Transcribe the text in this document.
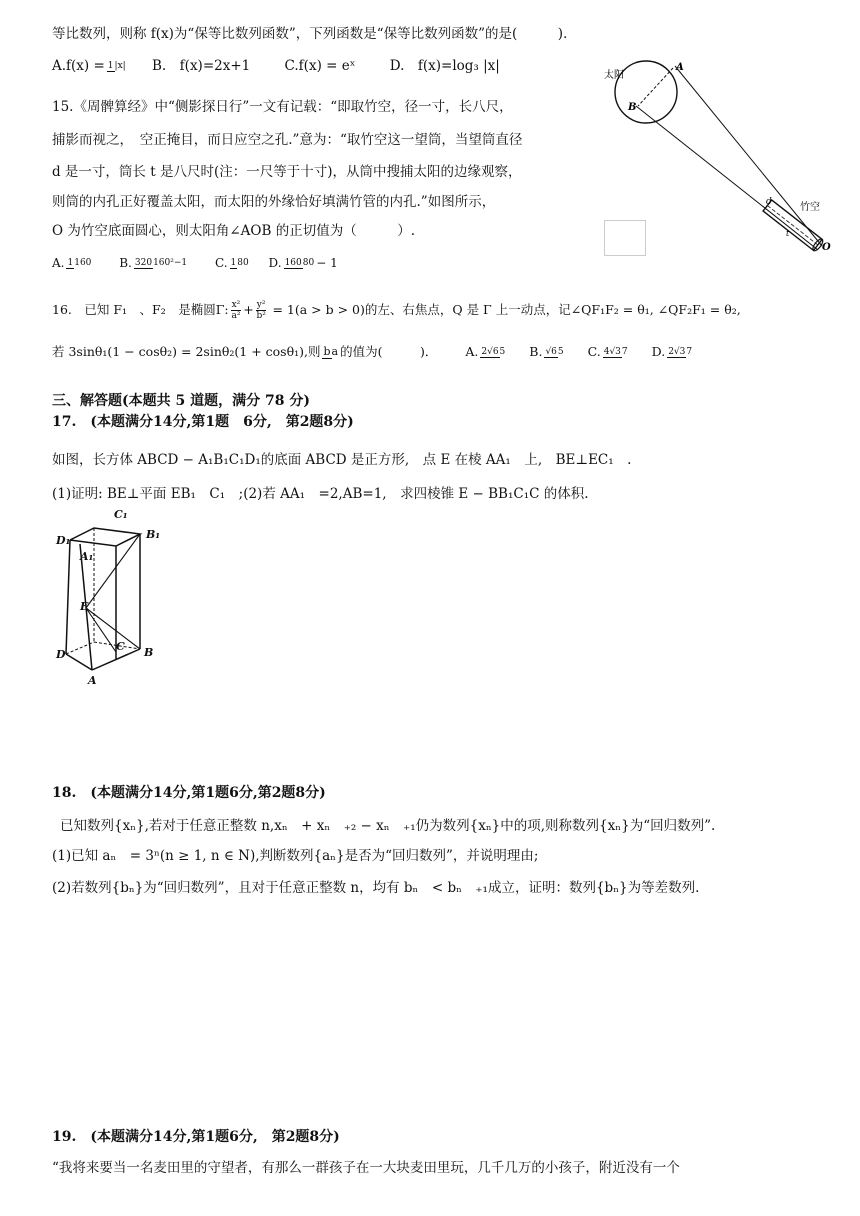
等比数列，则称 f(x)为“保等比数列函数”，下列函数是“保等比数列函数”的是(　　　)．
A.f(x) =1|x| B.　f(x)=2x+1	C.f(x) = eˣ	D.　f(x)=log₃ |x|
15.《周髀算经》中“侧影探日行”一文有记载：“即取竹空，径一寸，长八尺，
捕影而视之，　空正掩目，而日应空之孔.”意为：“取竹空这一望筒，当望筒直径
d 是一寸，筒长 t 是八尺时(注：一尺等于十寸)，从筒中搜捕太阳的边缘观察，
则筒的内孔正好覆盖太阳，而太阳的外缘恰好填满竹管的内孔.”如图所示，
O 为竹空底面圆心，则太阳角∠AOB 的正切值为（　　　）.
A. 1160 B. 320160²−1 C. 180 D. 16080− 1
太阳
A
B
竹空
d
t
O
16.　已知 F₁　、F₂　是椭圆Γ: $\frac{\text{x²}}{\text{a²}} + \frac{\text{y²}}{\text{b²}} = 1(a > b > 0)$的左、右焦点，Q 是 Γ 上一动点，记∠QF₁F₂ = θ₁, ∠QF₂F₁ = θ₂,
若 3sinθ₁(1 − cosθ₂) = 2sinθ₂(1 + cosθ₁),则 ba 的值为(　　　)． A. 2√65 B. √65 C. 4√37 D. 2√37
三、解答题(本题共 5 道题，满分 78 分)
17.　(本题满分14分,第1题　6分,　第2题8分)
如图，长方体 ABCD − A₁B₁C₁D₁的底面 ABCD 是正方形,　点 E 在棱 AA₁　上,　BE⊥EC₁　.
(1)证明: BE⊥平面 EB₁　C₁　;(2)若 AA₁　=2,AB=1,　求四棱锥 E − BB₁C₁C 的体积.
C₁
D₁	B₁
A₁
E
C
D	B
A
18.　(本题满分14分,第1题6分,第2题8分)
已知数列{xₙ},若对于任意正整数 n,xₙ　+ xₙ　₊₂ − xₙ　₊₁仍为数列{xₙ}中的项,则称数列{xₙ}为“回归数列”.
(1)已知 aₙ　= 3ⁿ(n ≥ 1, n ∈ N),判断数列{aₙ}是否为“回归数列”，并说明理由;
(2)若数列{bₙ}为“回归数列”，且对于任意正整数 n，均有 bₙ　< bₙ　₊₁成立，证明：数列{bₙ}为等差数列.
19.　(本题满分14分,第1题6分,　第2题8分)
“我将来要当一名麦田里的守望者，有那么一群孩子在一大块麦田里玩，几千几万的小孩子，附近没有一个
